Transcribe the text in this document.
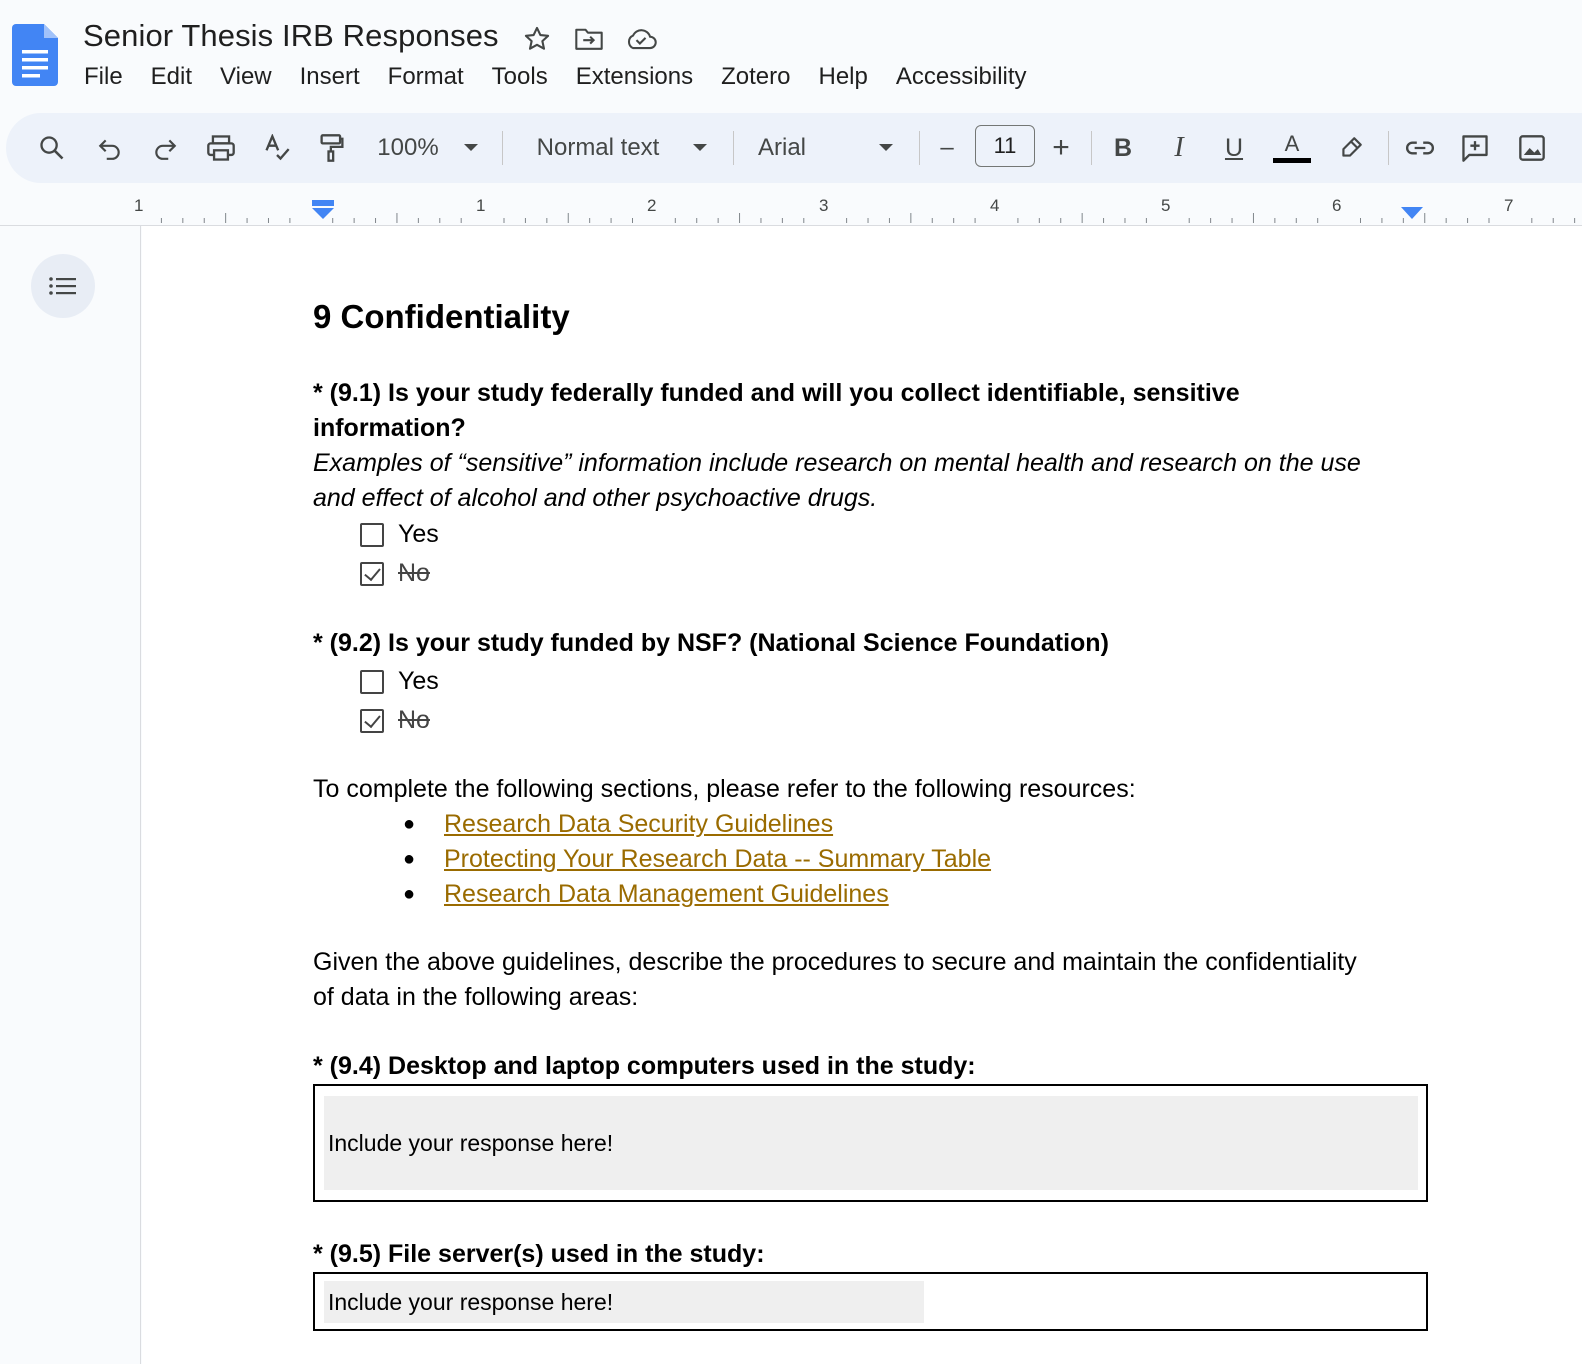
Senior Thesis IRB Responses
File	Edit	View	Insert	Format	Tools	Extensions	Zotero	Help	Accessibility
100%	Normal text	Arial	–	11	+ B	I	U A
1	1	2	3	4	5	6	7
9 Confidentiality
* (9.1) Is your study federally funded and will you collect identifiable, sensitive
information?
Examples of “sensitive” information include research on mental health and research on the use
and effect of alcohol and other psychoactive drugs.
Yes
No
* (9.2) Is your study funded by NSF? (National Science Foundation)
Yes
No
To complete the following sections, please refer to the following resources:
●	Research Data Security Guidelines
●	Protecting Your Research Data -- Summary Table
●	Research Data Management Guidelines
Given the above guidelines, describe the procedures to secure and maintain the confidentiality
of data in the following areas:
* (9.4) Desktop and laptop computers used in the study:
Include your response here!
* (9.5) File server(s) used in the study:
Include your response here!
